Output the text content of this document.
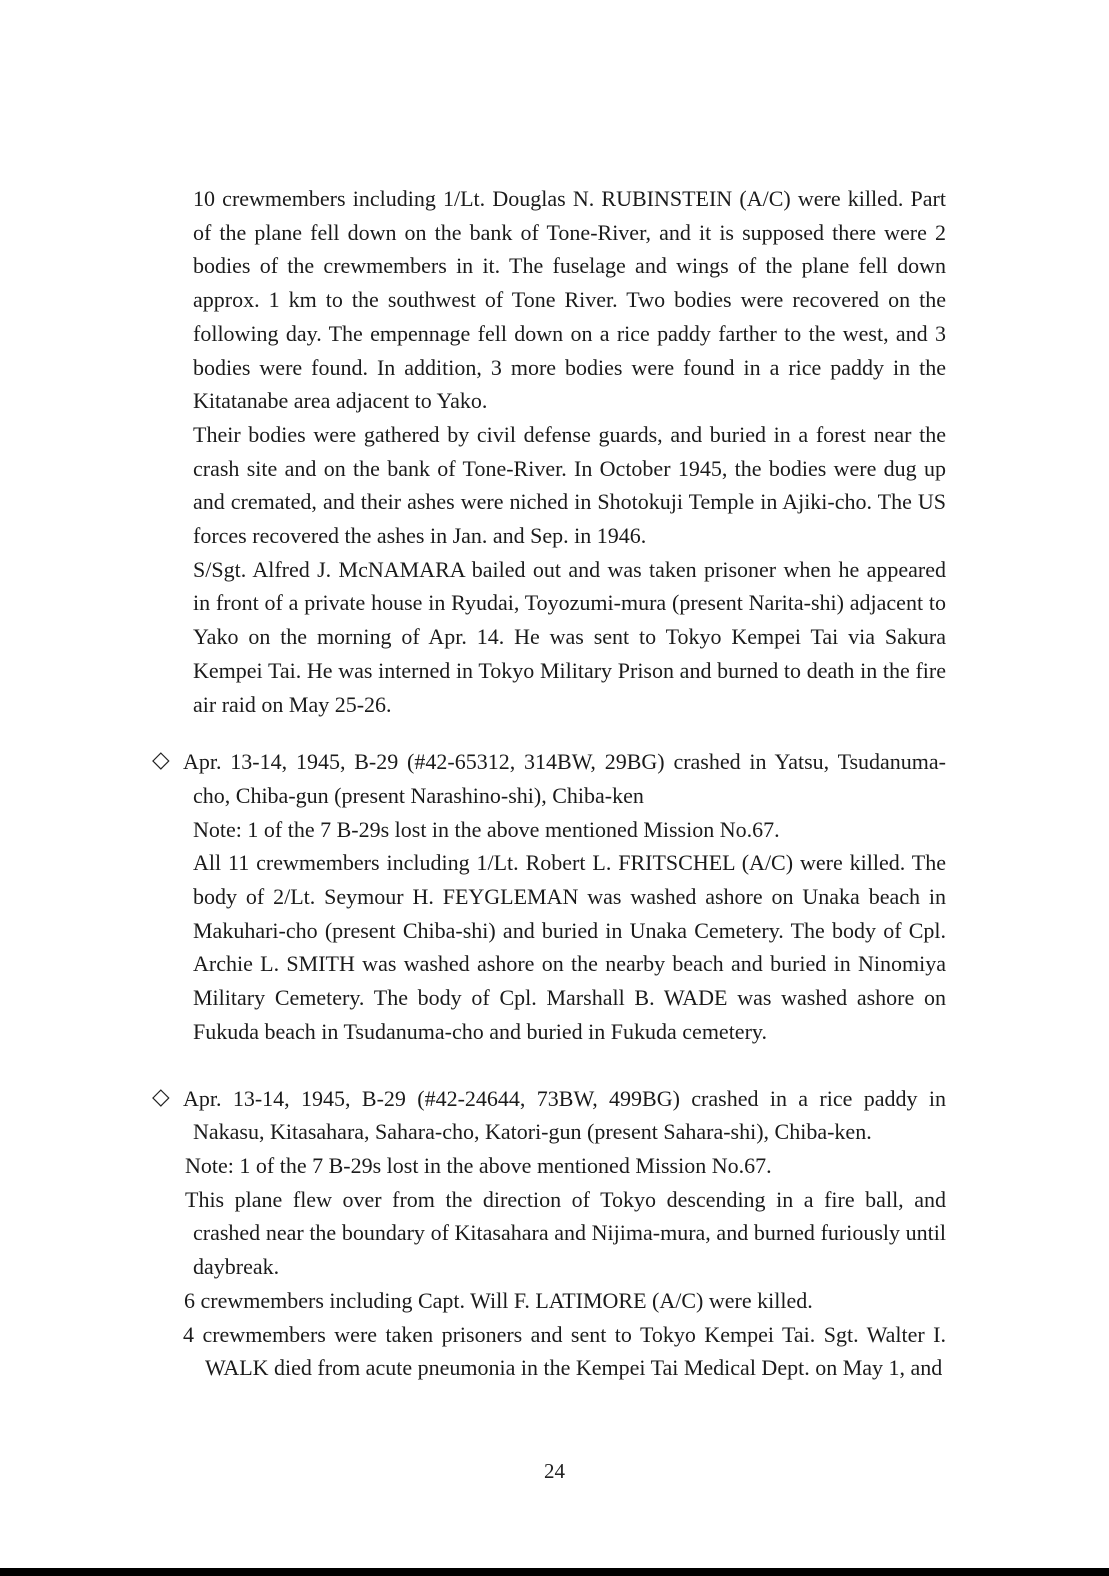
10 crewmembers including 1/Lt. Douglas N. RUBINSTEIN (A/C) were killed. Part of the plane fell down on the bank of Tone-River, and it is supposed there were 2 bodies of the crewmembers in it. The fuselage and wings of the plane fell down approx. 1 km to the southwest of Tone River. Two bodies were recovered on the following day. The empennage fell down on a rice paddy farther to the west, and 3 bodies were found. In addition, 3 more bodies were found in a rice paddy in the Kitatanabe area adjacent to Yako.

Their bodies were gathered by civil defense guards, and buried in a forest near the crash site and on the bank of Tone-River. In October 1945, the bodies were dug up and cremated, and their ashes were niched in Shotokuji Temple in Ajiki-cho. The US forces recovered the ashes in Jan. and Sep. in 1946.

S/Sgt. Alfred J. McNAMARA bailed out and was taken prisoner when he appeared in front of a private house in Ryudai, Toyozumi-mura (present Narita-shi) adjacent to Yako on the morning of Apr. 14. He was sent to Tokyo Kempei Tai via Sakura Kempei Tai. He was interned in Tokyo Military Prison and burned to death in the fire air raid on May 25-26.

◇ Apr. 13-14, 1945, B-29 (#42-65312, 314BW, 29BG) crashed in Yatsu, Tsudanuma- cho, Chiba-gun (present Narashino-shi), Chiba-ken

Note: 1 of the 7 B-29s lost in the above mentioned Mission No.67.

All 11 crewmembers including 1/Lt. Robert L. FRITSCHEL (A/C) were killed. The body of 2/Lt. Seymour H. FEYGLEMAN was washed ashore on Unaka beach in Makuhari-cho (present Chiba-shi) and buried in Unaka Cemetery. The body of Cpl. Archie L. SMITH was washed ashore on the nearby beach and buried in Ninomiya Military Cemetery. The body of Cpl. Marshall B. WADE was washed ashore on Fukuda beach in Tsudanuma-cho and buried in Fukuda cemetery.

◇ Apr. 13-14, 1945, B-29 (#42-24644, 73BW, 499BG) crashed in a rice paddy in Nakasu, Kitasahara, Sahara-cho, Katori-gun (present Sahara-shi), Chiba-ken.

Note: 1 of the 7 B-29s lost in the above mentioned Mission No.67.

This plane flew over from the direction of Tokyo descending in a fire ball, and crashed near the boundary of Kitasahara and Nijima-mura, and burned furiously until daybreak.

6 crewmembers including Capt. Will F. LATIMORE (A/C) were killed.

4 crewmembers were taken prisoners and sent to Tokyo Kempei Tai. Sgt. Walter I. WALK died from acute pneumonia in the Kempei Tai Medical Dept. on May 1, and

24
